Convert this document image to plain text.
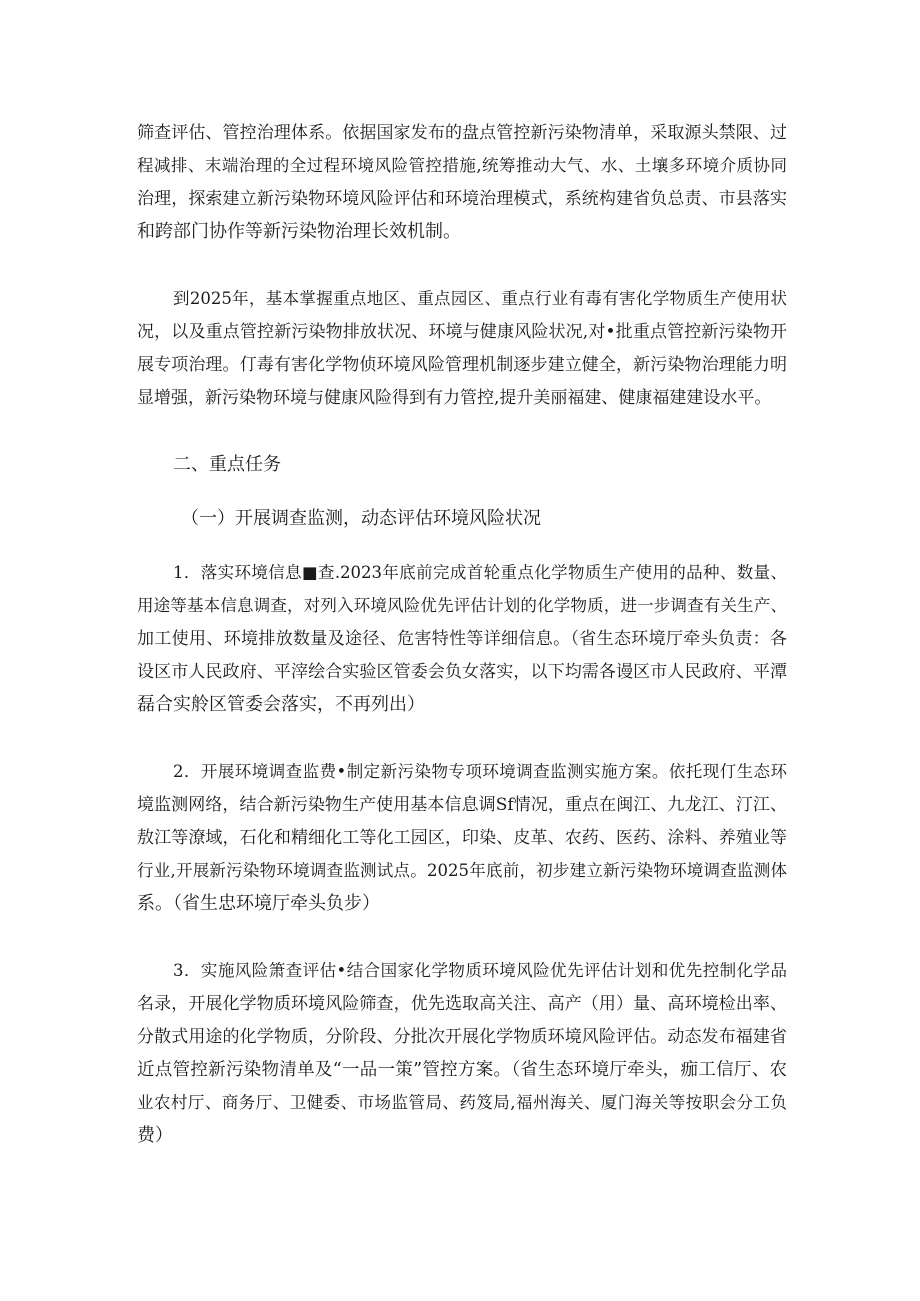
筛查评估、管控治理体系。依据国家发布的盘点管控新污染物清单，采取源头禁限、过
程减排、末端治理的全过程环境风险管控措施,统筹推动大气、水、土壤多环境介质协同
治理，探索建立新污染物环境风险评估和环境治理模式，系统构建省负总责、市县落实
和跨部门协作等新污染物治理长效机制。
到2025年，基本掌握重点地区、重点园区、重点行业有毒有害化学物质生产使用状
况，以及重点管控新污染物排放状况、环境与健康风险状况,对•批重点管控新污染物开
展专项治理。仃毒有害化学物侦环境风险管理机制逐步建立健全，新污染物治理能力明
显增强，新污染物环境与健康风险得到有力管控,提升美丽福建、健康福建建设水平。
二、重点任务
（一）开展调查监测，动态评估环境风险状况
1．落实环境信息■查.2023年底前完成首轮重点化学物质生产使用的品种、数量、
用途等基本信息调查，对列入环境风险优先评估计划的化学物质，进一步调查有关生产、
加工使用、环境排放数量及途径、危害特性等详细信息。（省生态环境厅牵头负责：各
设区市人民政府、平滓绘合实验区管委会负女落实，以下均需各谩区市人民政府、平潭
磊合实舲区管委会落实，不再列出）
2．开展环境调查监费•制定新污染物专项环境调查监测实施方案。依托现仃生态环
境监测网络，结合新污染物生产使用基本信息调Sf情况，重点在闽江、九龙江、汀江、
敖江等潦域，石化和精细化工等化工园区，印染、皮革、农药、医药、涂料、养殖业等
行业,开展新污染物环境调查监测试点。2025年底前，初步建立新污染物环境调查监测体
系。（省生忠环境厅牵头负步）
3．实施风险箫查评估•结合国家化学物质环境风险优先评估计划和优先控制化学品
名录，开展化学物质环境风险筛查，优先选取高关注、高产（用）量、高环境检出率、
分散式用途的化学物质，分阶段、分批次开展化学物质环境风险评估。动态发布福建省
近点管控新污染物清单及“一品一策”管控方案。（省生态环境厅牵头，痂工信厅、农
业农村厅、商务厅、卫健委、市场监管局、药笈局,福州海关、厦门海关等按职会分工负
费）
